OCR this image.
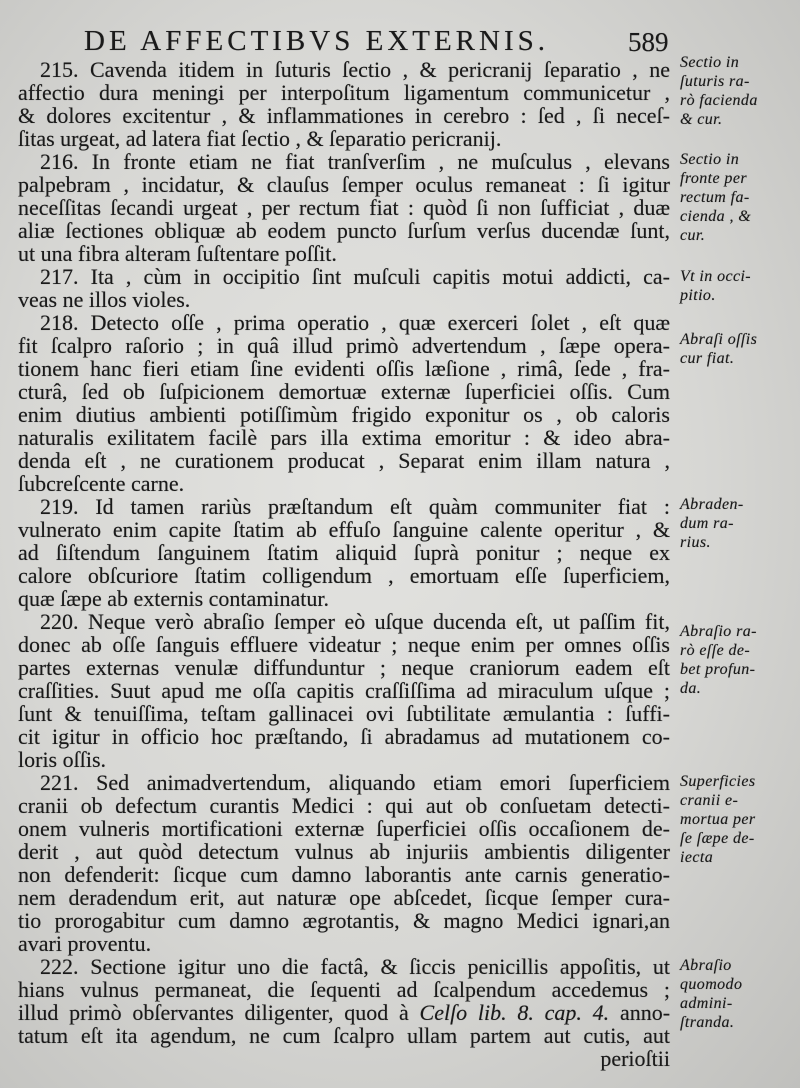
DE AFFECTIBVS EXTERNIS.	589
215. Cavenda itidem in ſuturis ſectio , & pericranij ſeparatio , ne
affectio dura meningi per interpoſitum ligamentum communicetur ,
& dolores excitentur , & inflammationes in cerebro : ſed , ſi neceſ-
ſitas urgeat, ad latera fiat ſectio , & ſeparatio pericranij.
216. In fronte etiam ne fiat tranſverſim , ne muſculus , elevans
palpebram , incidatur, & clauſus ſemper oculus remaneat : ſi igitur
neceſſitas ſecandi urgeat , per rectum fiat : quòd ſi non ſufficiat , duæ
aliæ ſectiones obliquæ ab eodem puncto ſurſum verſus ducendæ ſunt,
ut una fibra alteram ſuſtentare poſſit.
217. Ita , cùm in occipitio ſint muſculi capitis motui addicti, ca-
veas ne illos violes.
218. Detecto oſſe , prima operatio , quæ exerceri ſolet , eſt quæ
fit ſcalpro raſorio ; in quâ illud primò advertendum , ſæpe opera-
tionem hanc fieri etiam ſine evidenti oſſis læſione , rimâ, ſede , fra-
cturâ, ſed ob ſuſpicionem demortuæ externæ ſuperficiei oſſis. Cum
enim diutius ambienti potiſſimùm frigido exponitur os , ob caloris
naturalis exilitatem facilè pars illa extima emoritur : & ideo abra-
denda eſt , ne curationem producat , Separat enim illam natura ,
ſubcreſcente carne.
219. Id tamen rariùs præſtandum eſt quàm communiter fiat :
vulnerato enim capite ſtatim ab effuſo ſanguine calente operitur , &
ad ſiſtendum ſanguinem ſtatim aliquid ſuprà ponitur ; neque ex
calore obſcuriore ſtatim colligendum , emortuam eſſe ſuperficiem,
quæ ſæpe ab externis contaminatur.
220. Neque verò abraſio ſemper eò uſque ducenda eſt, ut paſſim fit,
donec ab oſſe ſanguis effluere videatur ; neque enim per omnes oſſis
partes externas venulæ diffunduntur ; neque craniorum eadem eſt
craſſities. Suut apud me oſſa capitis craſſiſſima ad miraculum uſque ;
ſunt & tenuiſſima, teſtam gallinacei ovi ſubtilitate æmulantia : ſuffi-
cit igitur in officio hoc præſtando, ſi abradamus ad mutationem co-
loris oſſis.
221. Sed animadvertendum, aliquando etiam emori ſuperficiem
cranii ob defectum curantis Medici : qui aut ob conſuetam detecti-
onem vulneris mortificationi externæ ſuperficiei oſſis occaſionem de-
derit , aut quòd detectum vulnus ab injuriis ambientis diligenter
non defenderit: ſicque cum damno laborantis ante carnis generatio-
nem deradendum erit, aut naturæ ope abſcedet, ſicque ſemper cura-
tio prorogabitur cum damno ægrotantis, & magno Medici ignari,an
avari proventu.
222. Sectione igitur uno die factâ, & ſiccis penicillis appoſitis, ut
hians vulnus permaneat, die ſequenti ad ſcalpendum accedemus ;
illud primò obſervantes diligenter, quod à Celſo lib. 8. cap. 4. anno-
tatum eſt ita agendum, ne cum ſcalpro ullam partem aut cutis, aut
perioſtii
Sectio in
ſuturis ra-
rò facienda
& cur.
Sectio in
fronte per
rectum fa-
cienda , &
cur.
Vt in occi-
pitio.
Abraſi oſſis
cur fiat.
Abraden-
dum ra-
rius.
Abraſio ra-
rò eſſe de-
bet profun-
da.
Superficies
cranii e-
mortua per
ſe ſæpe de-
iecta
Abraſio
quomodo
admini-
ſtranda.
